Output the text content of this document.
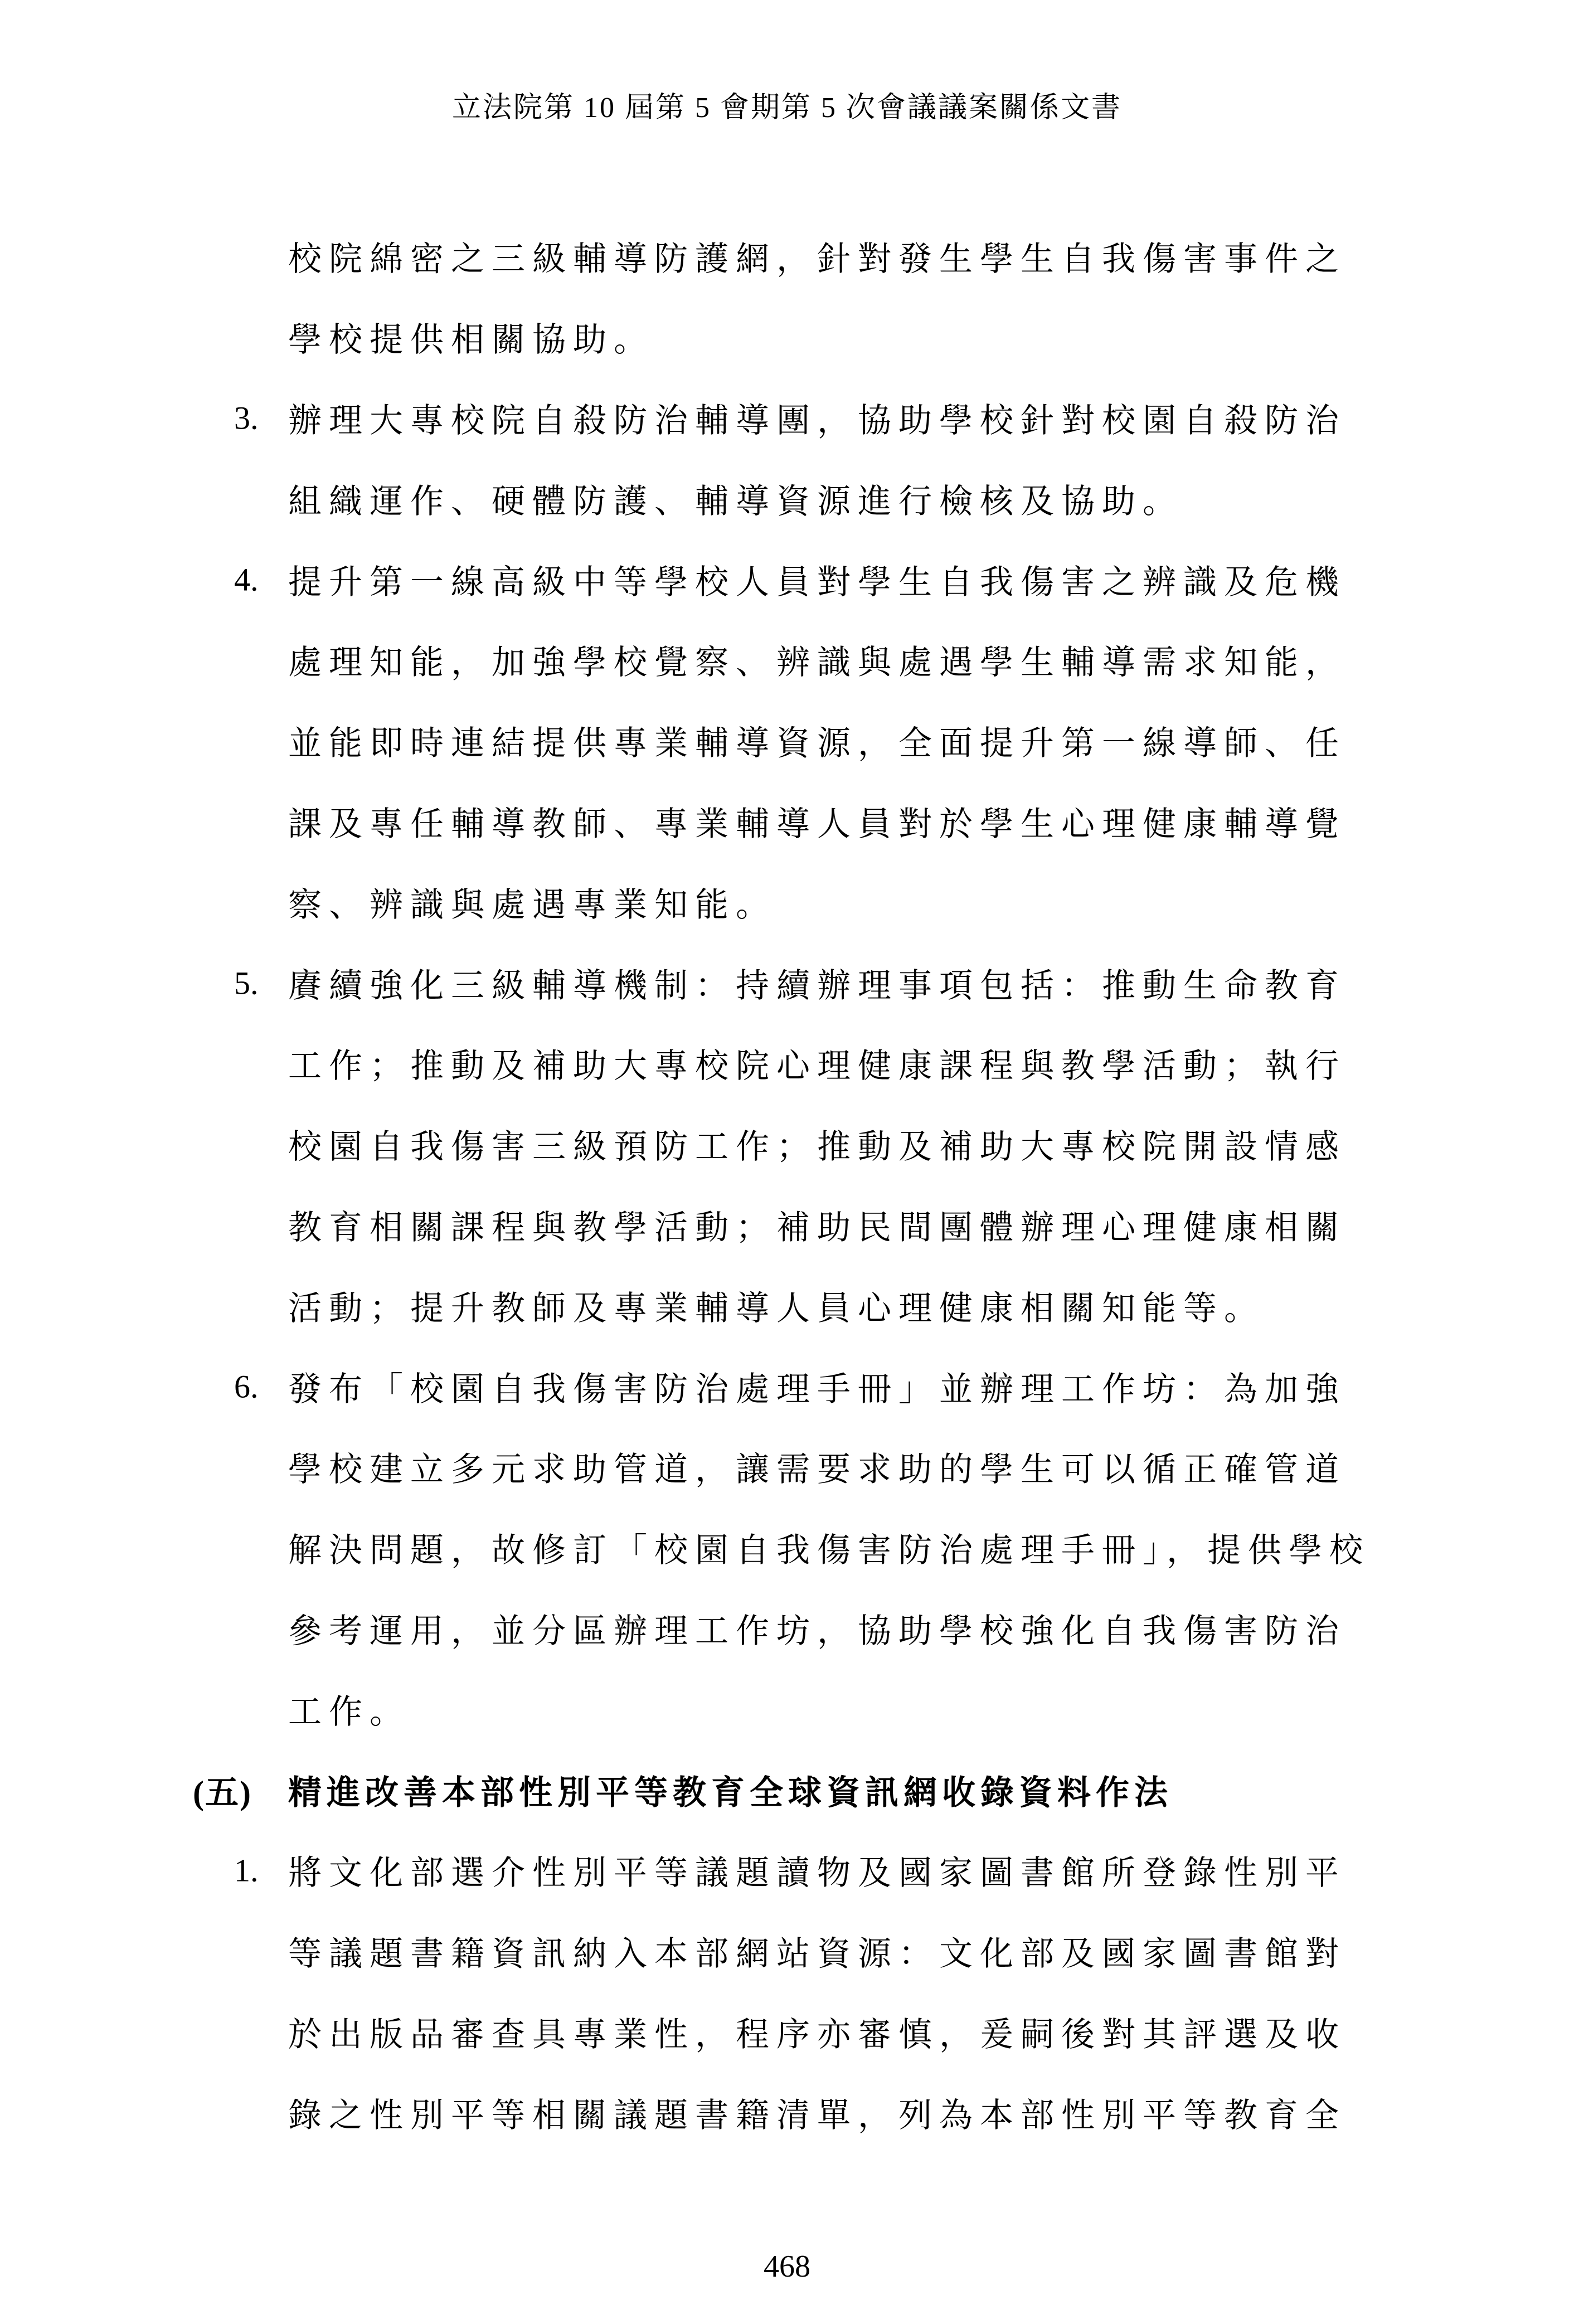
立法院第 10 屆第 5 會期第 5 次會議議案關係文書
校院綿密之三級輔導防護網，針對發生學生自我傷害事件之
學校提供相關協助。
3. 辦理大專校院自殺防治輔導團，協助學校針對校園自殺防治
組織運作、硬體防護、輔導資源進行檢核及協助。
4. 提升第一線高級中等學校人員對學生自我傷害之辨識及危機
處理知能，加強學校覺察、辨識與處遇學生輔導需求知能，
並能即時連結提供專業輔導資源，全面提升第一線導師、任
課及專任輔導教師、專業輔導人員對於學生心理健康輔導覺
察、辨識與處遇專業知能。
5. 賡續強化三級輔導機制：持續辦理事項包括：推動生命教育
工作；推動及補助大專校院心理健康課程與教學活動；執行
校園自我傷害三級預防工作；推動及補助大專校院開設情感
教育相關課程與教學活動；補助民間團體辦理心理健康相關
活動；提升教師及專業輔導人員心理健康相關知能等。
6. 發布「校園自我傷害防治處理手冊」並辦理工作坊：為加強
學校建立多元求助管道，讓需要求助的學生可以循正確管道
解決問題，故修訂「校園自我傷害防治處理手冊」，提供學校
參考運用，並分區辦理工作坊，協助學校強化自我傷害防治
工作。
(五) 精進改善本部性別平等教育全球資訊網收錄資料作法
1. 將文化部選介性別平等議題讀物及國家圖書館所登錄性別平
等議題書籍資訊納入本部網站資源：文化部及國家圖書館對
於出版品審查具專業性，程序亦審慎，爰嗣後對其評選及收
錄之性別平等相關議題書籍清單，列為本部性別平等教育全
468
